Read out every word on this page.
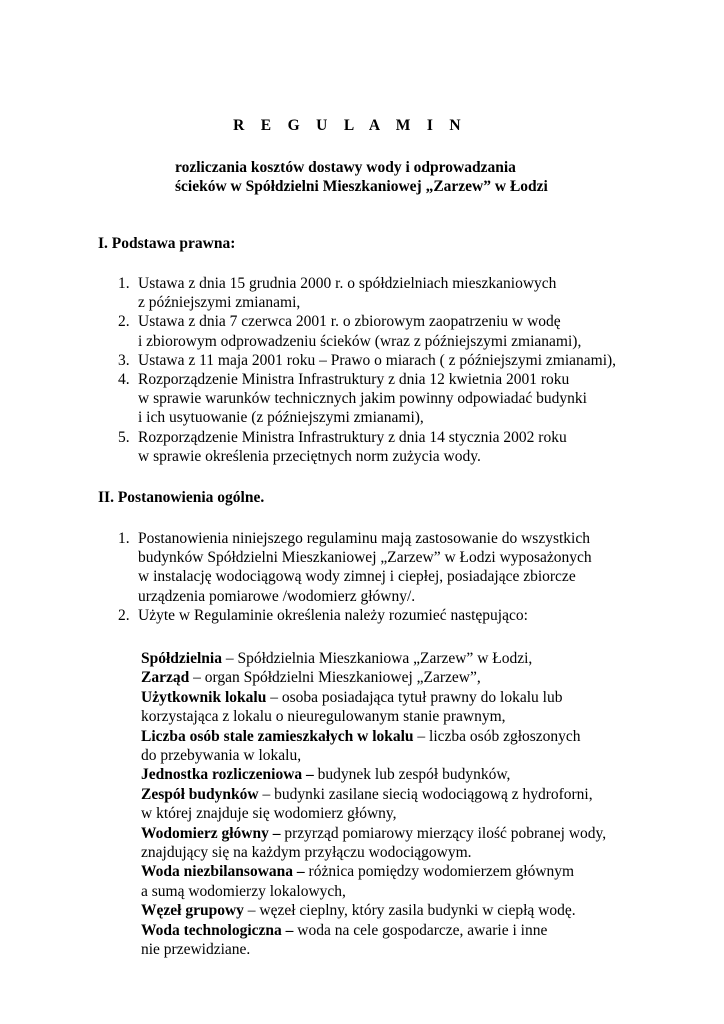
R E G U L A M I N
rozliczania kosztów dostawy wody i odprowadzania
ścieków w Spółdzielni Mieszkaniowej „Zarzew” w Łodzi
I. Podstawa prawna:
1. Ustawa z dnia 15 grudnia 2000 r. o spółdzielniach mieszkaniowych
z późniejszymi zmianami,
2. Ustawa z dnia 7 czerwca 2001 r. o zbiorowym zaopatrzeniu w wodę
i zbiorowym odprowadzeniu ścieków (wraz z późniejszymi zmianami),
3. Ustawa z 11 maja 2001 roku – Prawo o miarach ( z późniejszymi zmianami),
4. Rozporządzenie Ministra Infrastruktury z dnia 12 kwietnia 2001 roku
w sprawie warunków technicznych jakim powinny odpowiadać budynki
i ich usytuowanie (z późniejszymi zmianami),
5. Rozporządzenie Ministra Infrastruktury z dnia 14 stycznia 2002 roku
w sprawie określenia przeciętnych norm zużycia wody.
II. Postanowienia ogólne.
1. Postanowienia niniejszego regulaminu mają zastosowanie do wszystkich
budynków Spółdzielni Mieszkaniowej „Zarzew” w Łodzi wyposażonych
w instalację wodociągową wody zimnej i ciepłej, posiadające zbiorcze
urządzenia pomiarowe /wodomierz główny/.
2. Użyte w Regulaminie określenia należy rozumieć następująco:
Spółdzielnia – Spółdzielnia Mieszkaniowa „Zarzew” w Łodzi,
Zarząd – organ Spółdzielni Mieszkaniowej „Zarzew”,
Użytkownik lokalu – osoba posiadająca tytuł prawny do lokalu lub
korzystająca z lokalu o nieuregulowanym stanie prawnym,
Liczba osób stale zamieszkałych w lokalu – liczba osób zgłoszonych
do przebywania w lokalu,
Jednostka rozliczeniowa – budynek lub zespół budynków,
Zespół budynków – budynki zasilane siecią wodociągową z hydroforni,
w której znajduje się wodomierz główny,
Wodomierz główny – przyrząd pomiarowy mierzący ilość pobranej wody,
znajdujący się na każdym przyłączu wodociągowym.
Woda niezbilansowana – różnica pomiędzy wodomierzem głównym
a sumą wodomierzy lokalowych,
Węzeł grupowy – węzeł cieplny, który zasila budynki w ciepłą wodę.
Woda technologiczna – woda na cele gospodarcze, awarie i inne
nie przewidziane.
